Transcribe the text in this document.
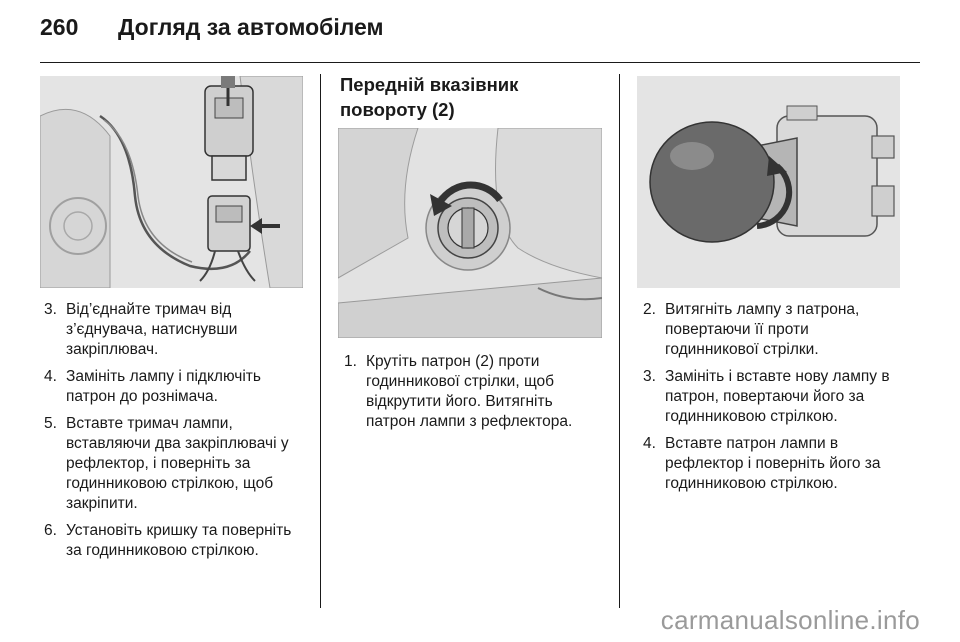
260	Догляд за автомобілем
3. Від’єднайте тримач від з’єднувача, натиснувши закріплювач.
4. Замініть лампу і підключіть патрон до рознімача.
5. Вставте тримач лампи, вставляючи два закріплювачі у рефлектор, і поверніть за годинниковою стрілкою, щоб закріпити.
6. Установіть кришку та поверніть за годинниковою стрілкою.
Передній вказівник повороту (2)
1. Крутіть патрон (2) проти годинникової стрілки, щоб відкрутити його. Витягніть патрон лампи з рефлектора.
2. Витягніть лампу з патрона, повертаючи її проти годинникової стрілки.
3. Замініть і вставте нову лампу в патрон, повертаючи його за годинниковою стрілкою.
4. Вставте патрон лампи в рефлектор і поверніть його за годинниковою стрілкою.
carmanualsonline.info
